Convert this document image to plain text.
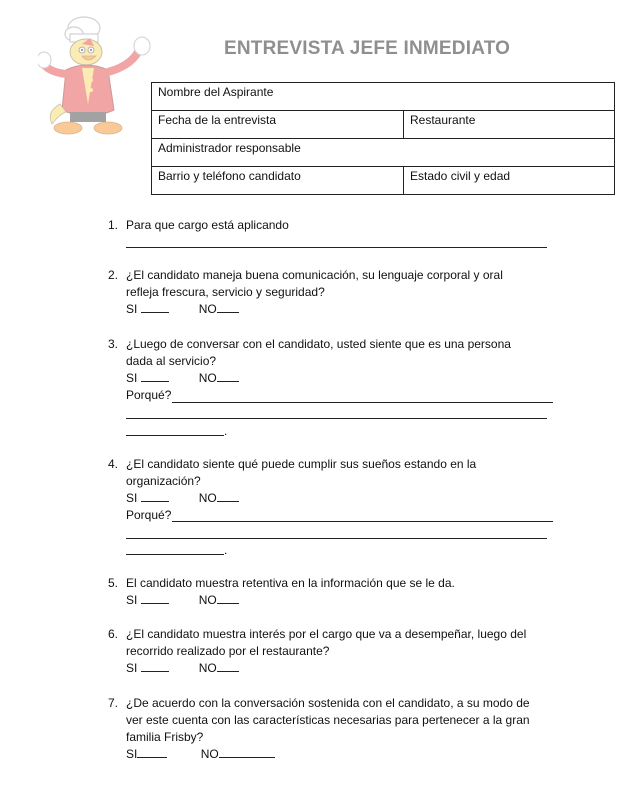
ENTREVISTA JEFE INMEDIATO
Nombre del Aspirante	
Fecha de la entrevista	Restaurante
Administrador responsable	
Barrio y teléfono candidato	Estado civil y edad
1. Para que cargo está aplicando
2. ¿El candidato maneja buena comunicación, su lenguaje corporal y oral
refleja frescura, servicio y seguridad?
SI	NO
3. ¿Luego de conversar con el candidato, usted siente que es una persona
dada al servicio?
SI	NO
Porqué?
.
4. ¿El candidato siente qué puede cumplir sus sueños estando en la
organización?
SI	NO
Porqué?
.
5. El candidato muestra retentiva en la información que se le da.
SI	NO
6. ¿El candidato muestra interés por el cargo que va a desempeñar, luego del
recorrido realizado por el restaurante?
SI	NO
7. ¿De acuerdo con la conversación sostenida con el candidato, a su modo de
ver este cuenta con las características necesarias para pertenecer a la gran
familia Frisby?
SI	NO
